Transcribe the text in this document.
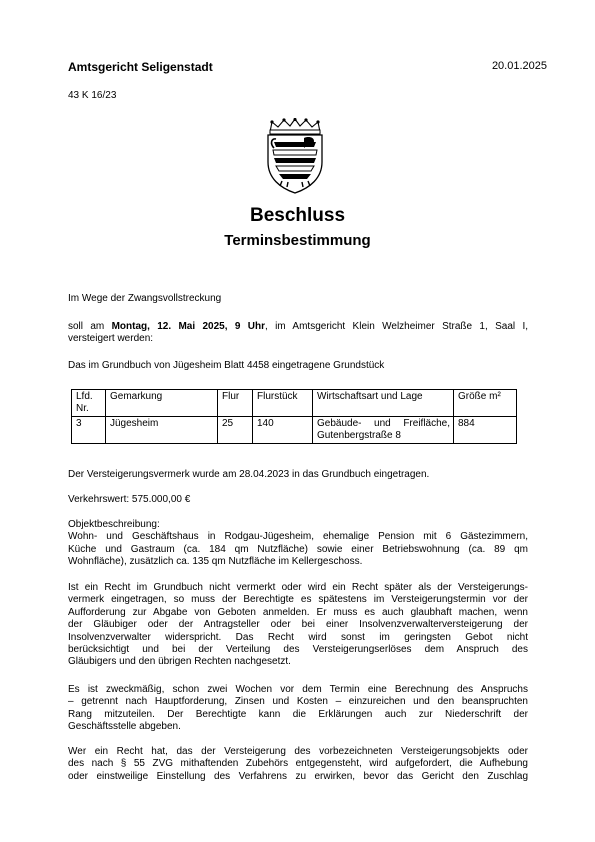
Amtsgericht Seligenstadt	20.01.2025
43 K 16/23
Beschluss
Terminsbestimmung
Im Wege der Zwangsvollstreckung
soll am Montag, 12. Mai 2025, 9 Uhr, im Amtsgericht Klein Welzheimer Straße 1, Saal I,
versteigert werden:
Das im Grundbuch von Jügesheim Blatt 4458 eingetragene Grundstück
Lfd. Nr.	Gemarkung	Flur	Flurstück	Wirtschaftsart und Lage	Größe m²
3	Jügesheim	25	140	Gebäude- und Freifläche, Gutenbergstraße 8	884
Der Versteigerungsvermerk wurde am 28.04.2023 in das Grundbuch eingetragen.
Verkehrswert: 575.000,00 €
Objektbeschreibung:
Wohn- und Geschäftshaus in Rodgau-Jügesheim, ehemalige Pension mit 6 Gästezimmern,
Küche und Gastraum (ca. 184 qm Nutzfläche) sowie einer Betriebswohnung (ca. 89 qm
Wohnfläche), zusätzlich ca. 135 qm Nutzfläche im Kellergeschoss.
Ist ein Recht im Grundbuch nicht vermerkt oder wird ein Recht später als der Versteigerungs-
vermerk eingetragen, so muss der Berechtigte es spätestens im Versteigerungstermin vor der
Aufforderung zur Abgabe von Geboten anmelden. Er muss es auch glaubhaft machen, wenn
der Gläubiger oder der Antragsteller oder bei einer Insolvenzverwalterversteigerung der
Insolvenzverwalter widerspricht. Das Recht wird sonst im geringsten Gebot nicht
berücksichtigt und bei der Verteilung des Versteigerungserlöses dem Anspruch des
Gläubigers und den übrigen Rechten nachgesetzt.
Es ist zweckmäßig, schon zwei Wochen vor dem Termin eine Berechnung des Anspruchs
– getrennt nach Hauptforderung, Zinsen und Kosten – einzureichen und den beanspruchten
Rang mitzuteilen. Der Berechtigte kann die Erklärungen auch zur Niederschrift der
Geschäftsstelle abgeben.
Wer ein Recht hat, das der Versteigerung des vorbezeichneten Versteigerungsobjekts oder
des nach § 55 ZVG mithaftenden Zubehörs entgegensteht, wird aufgefordert, die Aufhebung
oder einstweilige Einstellung des Verfahrens zu erwirken, bevor das Gericht den Zuschlag
